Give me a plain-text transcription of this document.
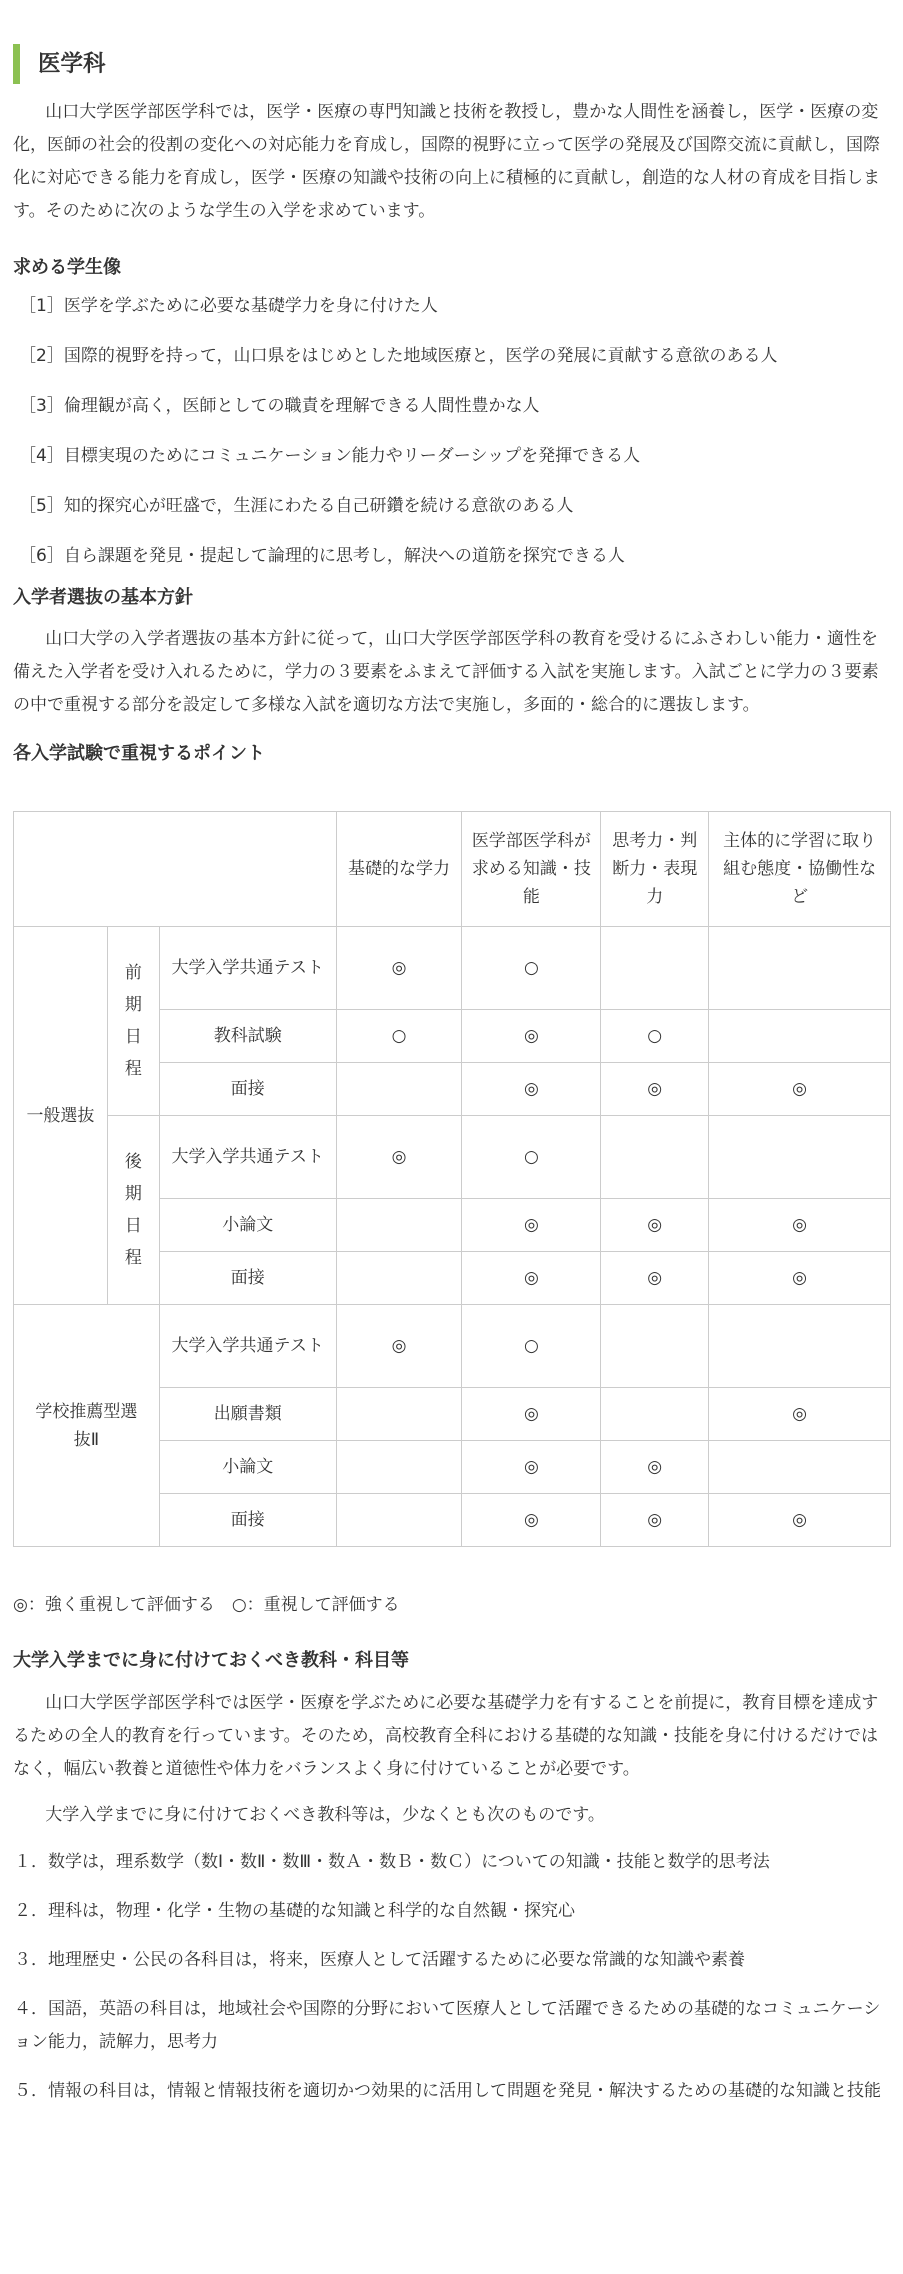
医学科

山口大学医学部医学科では，医学・医療の専門知識と技術を教授し，豊かな人間性を涵養し，医学・医療の変化，医師の社会的役割の変化への対応能力を育成し，国際的視野に立って医学の発展及び国際交流に貢献し，国際化に対応できる能力を育成し，医学・医療の知識や技術の向上に積極的に貢献し，創造的な人材の育成を目指します。そのために次のような学生の入学を求めています。

求める学生像
［1］医学を学ぶために必要な基礎学力を身に付けた人
［2］国際的視野を持って，山口県をはじめとした地域医療と，医学の発展に貢献する意欲のある人
［3］倫理観が高く，医師としての職責を理解できる人間性豊かな人
［4］目標実現のためにコミュニケーション能力やリーダーシップを発揮できる人
［5］知的探究心が旺盛で，生涯にわたる自己研鑽を続ける意欲のある人
［6］自ら課題を発見・提起して論理的に思考し，解決への道筋を探究できる人
入学者選抜の基本方針

山口大学の入学者選抜の基本方針に従って，山口大学医学部医学科の教育を受けるにふさわしい能力・適性を備えた入学者を受け入れるために，学力の３要素をふまえて評価する入試を実施します。入試ごとに学力の３要素の中で重視する部分を設定して多様な入試を適切な方法で実施し，多面的・総合的に選抜します。

各入学試験で重視するポイント
			基礎的な学力	医学部医学科が求める知識・技能	思考力・判断力・表現力	主体的に学習に取り組む態度・協働性など
一般選抜	前期日程	大学入学共通テスト	◎	○		
		教科試験	○	◎	○	
		面接		◎	◎	◎
	後期日程	大学入学共通テスト	◎	○		
		小論文		◎	◎	◎
		面接		◎	◎	◎
学校推薦型選抜Ⅱ		大学入学共通テスト	◎	○		
		出願書類		◎		◎
		小論文		◎	◎	
		面接		◎	◎	◎
◎：強く重視して評価する　○：重視して評価する
大学入学までに身に付けておくべき教科・科目等

山口大学医学部医学科では医学・医療を学ぶために必要な基礎学力を有することを前提に，教育目標を達成するための全人的教育を行っています。そのため，高校教育全科における基礎的な知識・技能を身に付けるだけではなく，幅広い教養と道徳性や体力をバランスよく身に付けていることが必要です。

大学入学までに身に付けておくべき教科等は，少なくとも次のものです。

１．数学は，理系数学（数Ⅰ・数Ⅱ・数Ⅲ・数Ａ・数Ｂ・数Ｃ）についての知識・技能と数学的思考法
２．理科は，物理・化学・生物の基礎的な知識と科学的な自然観・探究心
３．地理歴史・公民の各科目は，将来，医療人として活躍するために必要な常識的な知識や素養
４．国語，英語の科目は，地域社会や国際的分野において医療人として活躍できるための基礎的なコミュニケーション能力，読解力，思考力
５．情報の科目は，情報と情報技術を適切かつ効果的に活用して問題を発見・解決するための基礎的な知識と技能
